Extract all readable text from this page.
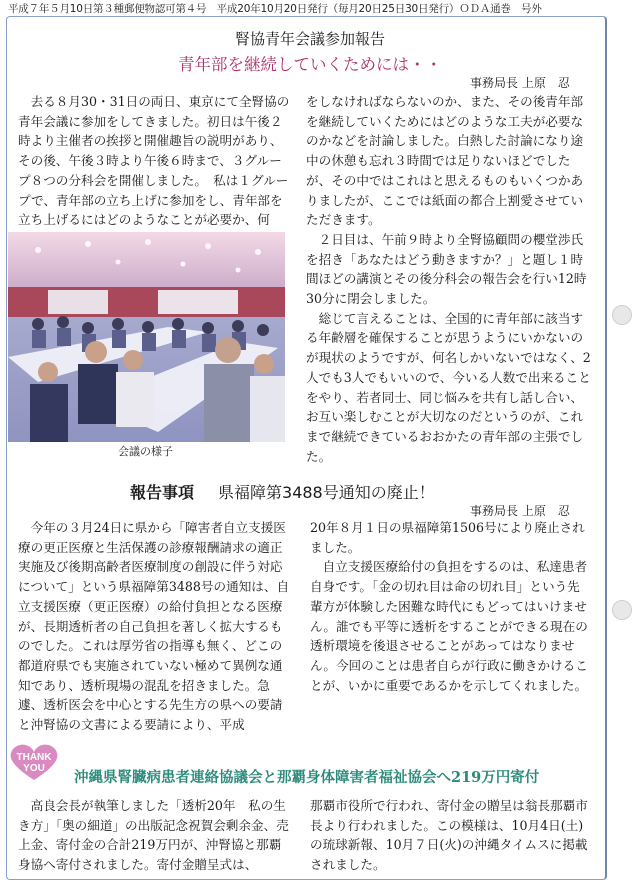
平成７年５月10日第３種郵便物認可第４号　平成20年10月20日発行（毎月20日25日30日発行）ＯＤＡ通巻　号外
腎協青年会議参加報告
青年部を継続していくためには・・
事務局長 上原　忍

去る８月30・31日の両日、東京にて全腎協の青年会議に参加をしてきました。初日は午後２時より主催者の挨拶と開催趣旨の説明があり、その後、午後３時より午後６時まで、３グループ８つの分科会を開催しました。　私は１グループで、青年部の立ち上げに参加をし、青年部を立ち上げるにはどのようなことが必要か、何

をしなければならないのか、また、その後青年部を継続していくためにはどのような工夫が必要なのかなどを討論しました。白熱した討論になり途中の休憩も忘れ３時間では足りないほどでしたが、その中ではこれはと思えるものもいくつかありましたが、ここでは紙面の都合上割愛させていただきます。

２日目は、午前９時より全腎協顧問の櫻堂渉氏を招き「あなたはどう動きますか？」と題し１時間ほどの講演とその後分科会の報告会を行い12時30分に閉会しました。

総じて言えることは、全国的に青年部に該当する年齢層を確保することが思うようにいかないのが現状のようですが、何名しかいないではなく、2人でも3人でもいいので、今いる人数で出来ることをやり、若者同士、同じ悩みを共有し話し合い、お互い楽しむことが大切なのだというのが、これまで継続できているおおかたの青年部の主張でした。

会議の様子
報告事項 県福障第3488号通知の廃止！
事務局長 上原　忍

今年の３月24日に県から「障害者自立支援医療の更正医療と生活保護の診療報酬請求の適正実施及び後期高齢者医療制度の創設に伴う対応について」という県福障第3488号の通知は、自立支援医療（更正医療）の給付負担となる医療が、長期透析者の自己負担を著しく拡大するものでした。これは厚労省の指導も無く、どこの都道府県でも実施されていない極めて異例な通知であり、透析現場の混乱を招きました。急遽、透析医会を中心とする先生方の県への要請と沖腎協の文書による要請により、平成

20年８月１日の県福障第1506号により廃止されました。

自立支援医療給付の負担をするのは、私達患者自身です。「金の切れ目は命の切れ目」という先輩方が体験した困難な時代にもどってはいけません。誰でも平等に透析をすることができる現在の透析環境を後退させることがあってはなりません。今回のことは患者自らが行政に働きかけることが、いかに重要であるかを示してくれました。

THANK
YOU
沖縄県腎臓病患者連絡協議会と那覇身体障害者福祉協会へ219万円寄付

高良会長が執筆しました「透析20年　私の生き方」「奥の細道」の出版記念祝賀会剰余金、売上金、寄付金の合計219万円が、沖腎協と那覇身協へ寄付されました。寄付金贈呈式は、

那覇市役所で行われ、寄付金の贈呈は翁長那覇市長より行われました。この模様は、10月4日(土)の琉球新報、10月７日(火)の沖縄タイムスに掲載されました。
